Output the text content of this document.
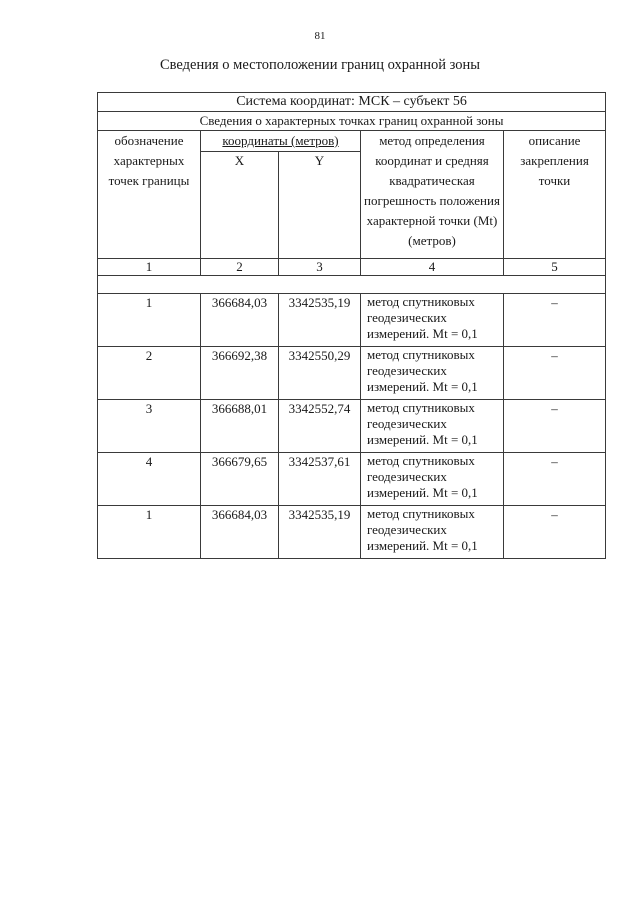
81
Сведения о местоположении границ охранной зоны
Система координат: МСК – субъект 56				
Сведения о характерных точках границ охранной зоны				
обозначение характерных точек границы	координаты (метров)		метод определения координат и средняя квадратическая погрешность положения характерной точки (Mt) (метров)	описание закрепления точки
	X	Y		
1	2	3	4	5

1	366684,03	3342535,19	метод спутниковых геодезических измерений. Mt = 0,1	–
2	366692,38	3342550,29	метод спутниковых геодезических измерений. Mt = 0,1	–
3	366688,01	3342552,74	метод спутниковых геодезических измерений. Mt = 0,1	–
4	366679,65	3342537,61	метод спутниковых геодезических измерений. Mt = 0,1	–
1	366684,03	3342535,19	метод спутниковых геодезических измерений. Mt = 0,1	–
